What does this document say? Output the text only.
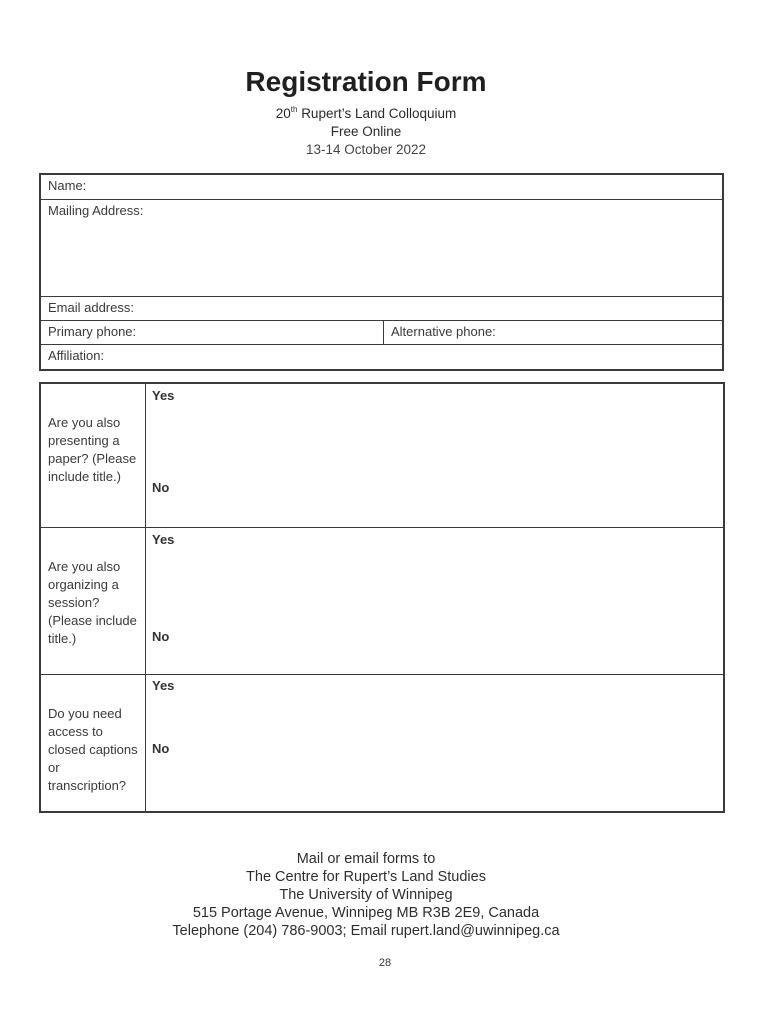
Registration Form
20th Rupert’s Land Colloquium
Free Online
13-14 October 2022
Name:
Mailing Address:
Email address:
Primary phone:	Alternative phone:
Affiliation:
Are you also presenting a paper? (Please include title.)
Yes
No
Are you also organizing a session? (Please include title.)
Yes
No
Do you need access to closed captions or transcription?
Yes
No
Mail or email forms to
The Centre for Rupert’s Land Studies
The University of Winnipeg
515 Portage Avenue, Winnipeg MB R3B 2E9, Canada
Telephone (204) 786-9003; Email rupert.land@uwinnipeg.ca
28
